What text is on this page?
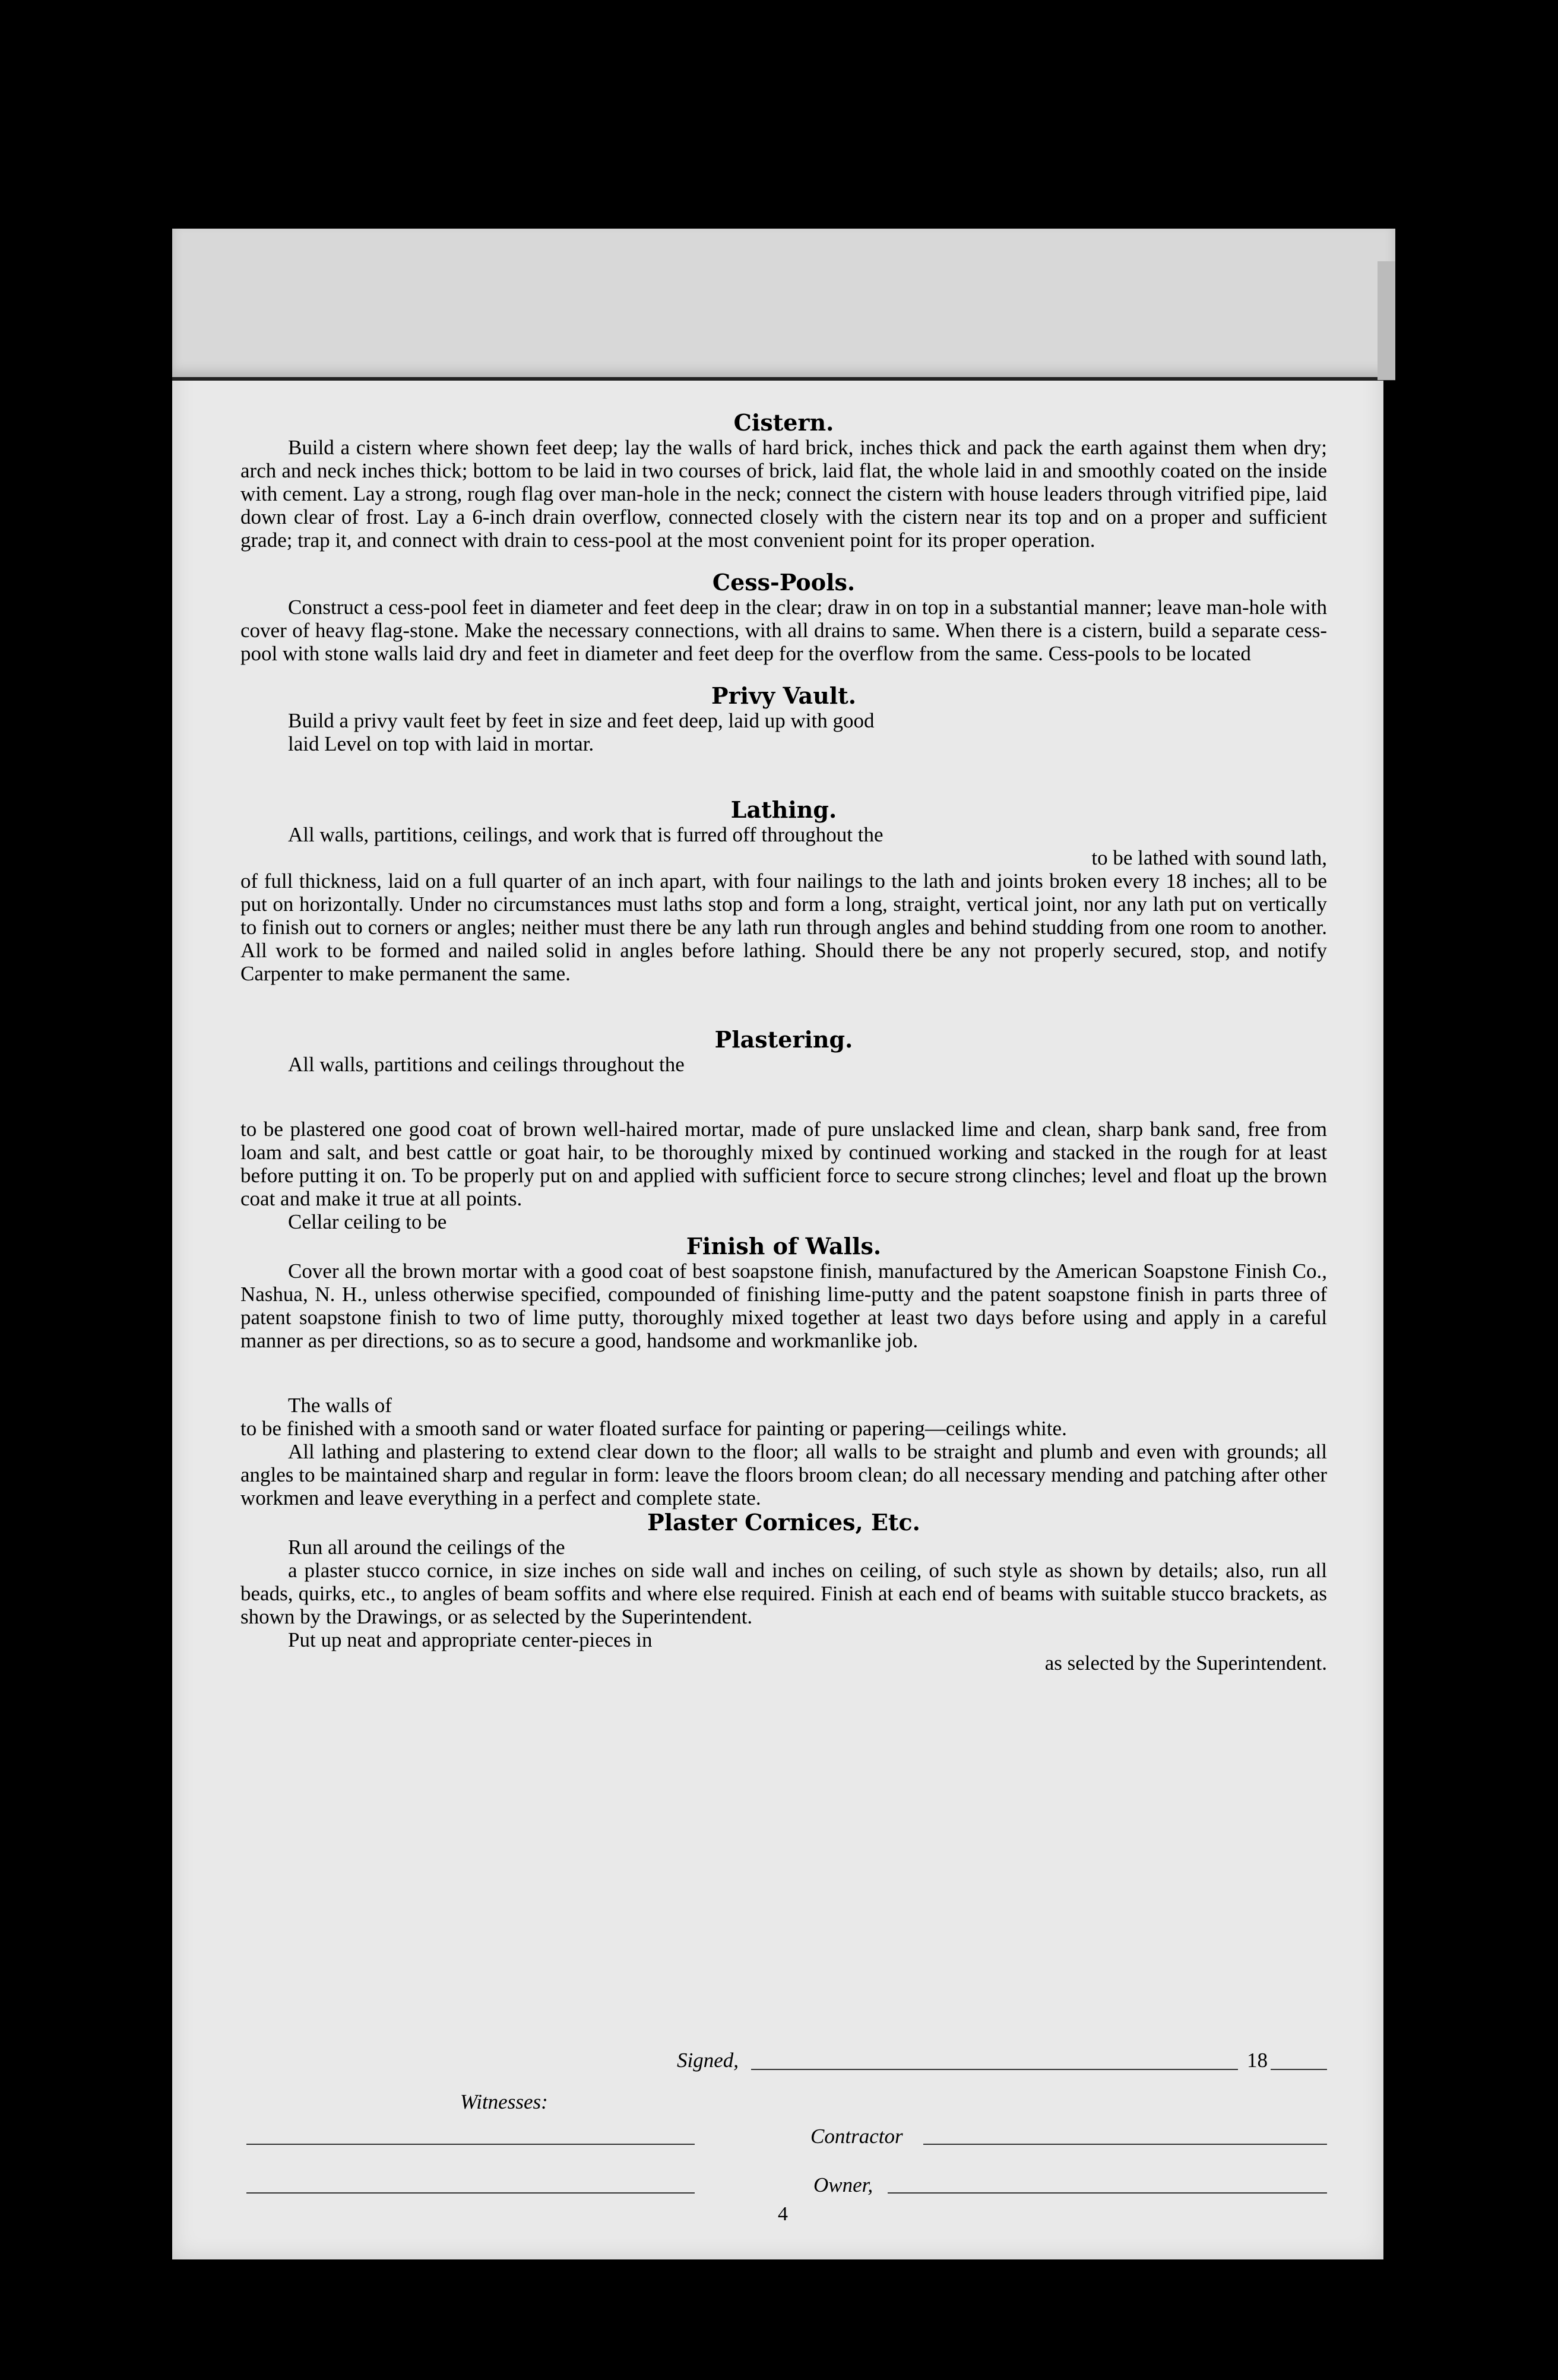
Cistern.

Build a cistern where shown feet deep; lay the walls of hard brick, inches thick and pack the earth against them when dry; arch and neck inches thick; bottom to be laid in two courses of brick, laid flat, the whole laid in and smoothly coated on the inside with cement. Lay a strong, rough flag over man-hole in the neck; connect the cistern with house leaders through vitrified pipe, laid down clear of frost. Lay a 6-inch drain overflow, connected closely with the cistern near its top and on a proper and sufficient grade; trap it, and connect with drain to cess-pool at the most convenient point for its proper operation.

Cess-Pools.

Construct a cess-pool feet in diameter and feet deep in the clear; draw in on top in a substantial manner; leave man-hole with cover of heavy flag-stone. Make the necessary connections, with all drains to same. When there is a cistern, build a separate cess-pool with stone walls laid dry and feet in diameter and feet deep for the overflow from the same. Cess-pools to be located

Privy Vault.

Build a privy vault feet by feet in size and feet deep, laid up with good

laid Level on top with laid in mortar.

Lathing.

All walls, partitions, ceilings, and work that is furred off throughout the

to be lathed with sound lath,

of full thickness, laid on a full quarter of an inch apart, with four nailings to the lath and joints broken every 18 inches; all to be put on horizontally. Under no circumstances must laths stop and form a long, straight, vertical joint, nor any lath put on vertically to finish out to corners or angles; neither must there be any lath run through angles and behind studding from one room to another. All work to be formed and nailed solid in angles before lathing. Should there be any not properly secured, stop, and notify Carpenter to make permanent the same.

Plastering.

All walls, partitions and ceilings throughout the

to be plastered one good coat of brown well-haired mortar, made of pure unslacked lime and clean, sharp bank sand, free from loam and salt, and best cattle or goat hair, to be thoroughly mixed by continued working and stacked in the rough for at least before putting it on. To be properly put on and applied with sufficient force to secure strong clinches; level and float up the brown coat and make it true at all points.

Cellar ceiling to be

Finish of Walls.

Cover all the brown mortar with a good coat of best soapstone finish, manufactured by the American Soapstone Finish Co., Nashua, N. H., unless otherwise specified, compounded of finishing lime-putty and the patent soapstone finish in parts three of patent soapstone finish to two of lime putty, thoroughly mixed together at least two days before using and apply in a careful manner as per directions, so as to secure a good, handsome and workmanlike job.

The walls of

to be finished with a smooth sand or water floated surface for painting or papering—ceilings white.

All lathing and plastering to extend clear down to the floor; all walls to be straight and plumb and even with grounds; all angles to be maintained sharp and regular in form: leave the floors broom clean; do all necessary mending and patching after other workmen and leave everything in a perfect and complete state.

Plaster Cornices, Etc.

Run all around the ceilings of the

a plaster stucco cornice, in size inches on side wall and inches on ceiling, of such style as shown by details; also, run all beads, quirks, etc., to angles of beam soffits and where else required. Finish at each end of beams with suitable stucco brackets, as shown by the Drawings, or as selected by the Superintendent.

Put up neat and appropriate center-pieces in

as selected by the Superintendent.

Signed,	18
Witnesses:
Contractor
Owner,
4
